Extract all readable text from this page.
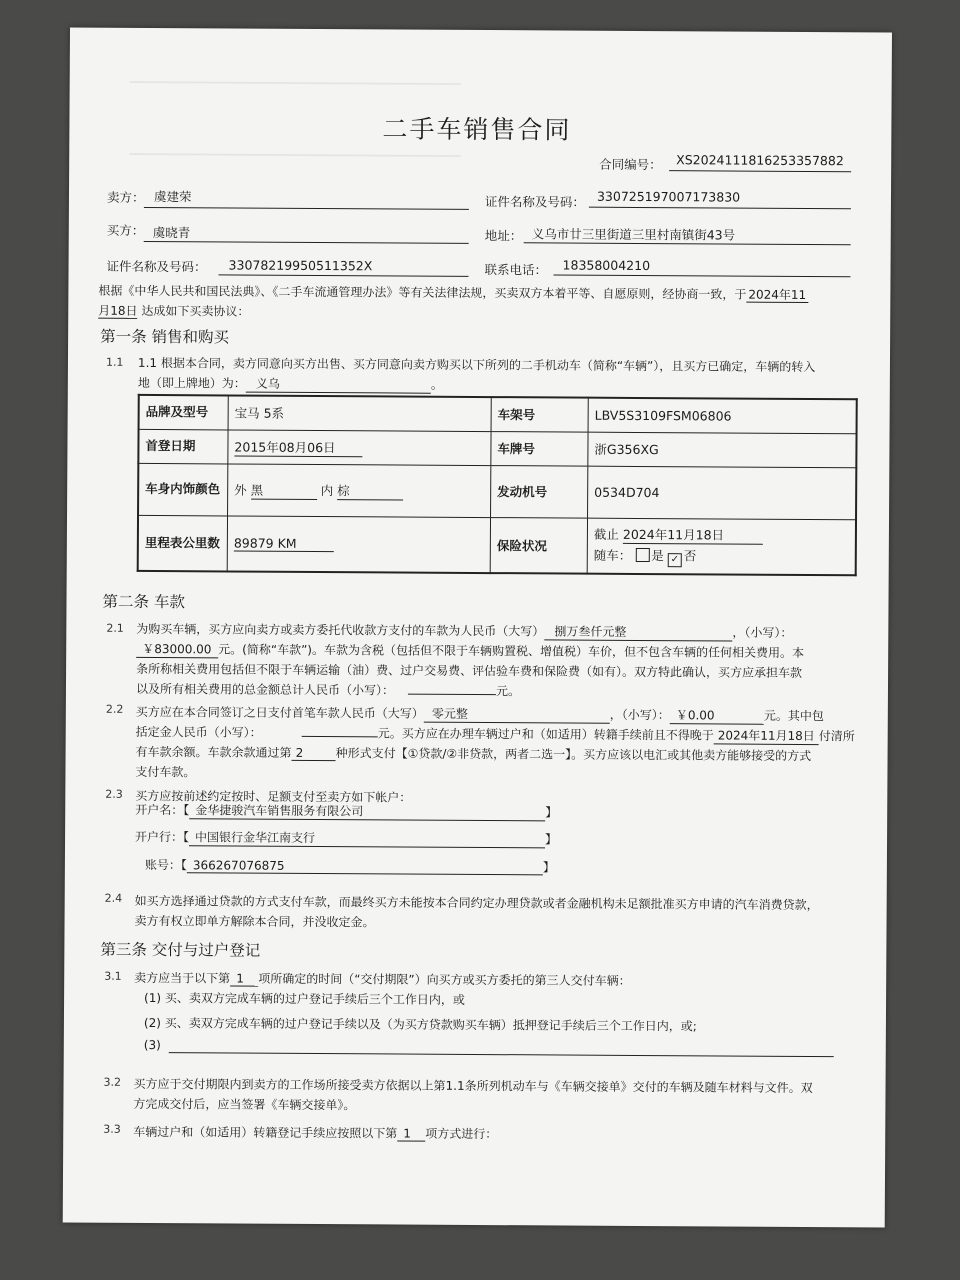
━━━━━━━━━━━━━━━━━━━━━━━━━━━━━━━━━━━━━━━━━━━━━━━━━━
━━━━━━━━━━━━━━━━━━━━━━━━━━━━━━━━━━━━━━━━━━━━━━━━━━
二手车销售合同
合同编号： XS2024111816253357882
卖方： 虞建荣	证件名称及号码： 330725197007173830
买方： 虞晓青	地址： 义乌市廿三里街道三里村南镇街43号
证件名称及号码： 33078219950511352X	联系电话： 18358004210
根据《中华人民共和国民法典》、《二手车流通管理办法》等有关法律法规，买卖双方本着平等、自愿原则，经协商一致，于 2024年11
月18日 达成如下买卖协议：
第一条 销售和购买
1.1 1.1 根据本合同，卖方同意向买方出售、买方同意向卖方购买以下所列的二手机动车（简称“车辆”），且买方已确定，车辆的转入
地（即上牌地）为： 义乌	。
品牌及型号	宝马 5系	车架号	LBV5S3109FSM06806
首登日期	2015年08月06日	车牌号	浙G356XG
车身内饰颜色	外 黑 内 棕	发动机号	0534D704
里程表公里数	89879 KM	保险状况	截止 2024年11月18日
随车： 是 ✓ 否
第二条 车款
2.1 为购买车辆，买方应向卖方或卖方委托代收款方支付的车款为人民币（大写） 捌万叁仟元整	，（小写）：
￥83000.00 元。(简称“车款”)。车款为含税（包括但不限于车辆购置税、增值税）车价，但不包含车辆的任何相关费用。本
条所称相关费用包括但不限于车辆运输（油）费、过户交易费、评估验车费和保险费（如有）。双方特此确认，买方应承担车款
以及所有相关费用的总金额总计人民币（小写）：	元。
2.2 买方应在本合同签订之日支付首笔车款人民币（大写） 零元整	，（小写）： ￥0.00	元。其中包
括定金人民币（小写）：	元。买方应在办理车辆过户和（如适用）转籍手续前且不得晚于 2024年11月18日 付清所
有车款余额。车款余款通过第 2	种形式支付【①贷款/②非贷款，两者二选一】。买方应该以电汇或其他卖方能够接受的方式
支付车款。
2.3 买方应按前述约定按时、足额支付至卖方如下帐户：
开户名：【 金华捷骏汽车销售服务有限公司	】
开户行：【 中国银行金华江南支行	】
账号：【 366267076875	】
2.4 如买方选择通过贷款的方式支付车款，而最终买方未能按本合同约定办理贷款或者金融机构未足额批准买方申请的汽车消费贷款，
卖方有权立即单方解除本合同，并没收定金。
第三条 交付与过户登记
3.1 卖方应当于以下第 1 项所确定的时间（“交付期限”）向买方或买方委托的第三人交付车辆：
(1) 买、卖双方完成车辆的过户登记手续后三个工作日内，或
(2) 买、卖双方完成车辆的过户登记手续以及（为买方贷款购买车辆）抵押登记手续后三个工作日内，或;
(3)
3.2 买方应于交付期限内到卖方的工作场所接受卖方依据以上第1.1条所列机动车与《车辆交接单》交付的车辆及随车材料与文件。双
方完成交付后，应当签署《车辆交接单》。
3.3 车辆过户和（如适用）转籍登记手续应按照以下第 1 项方式进行：
